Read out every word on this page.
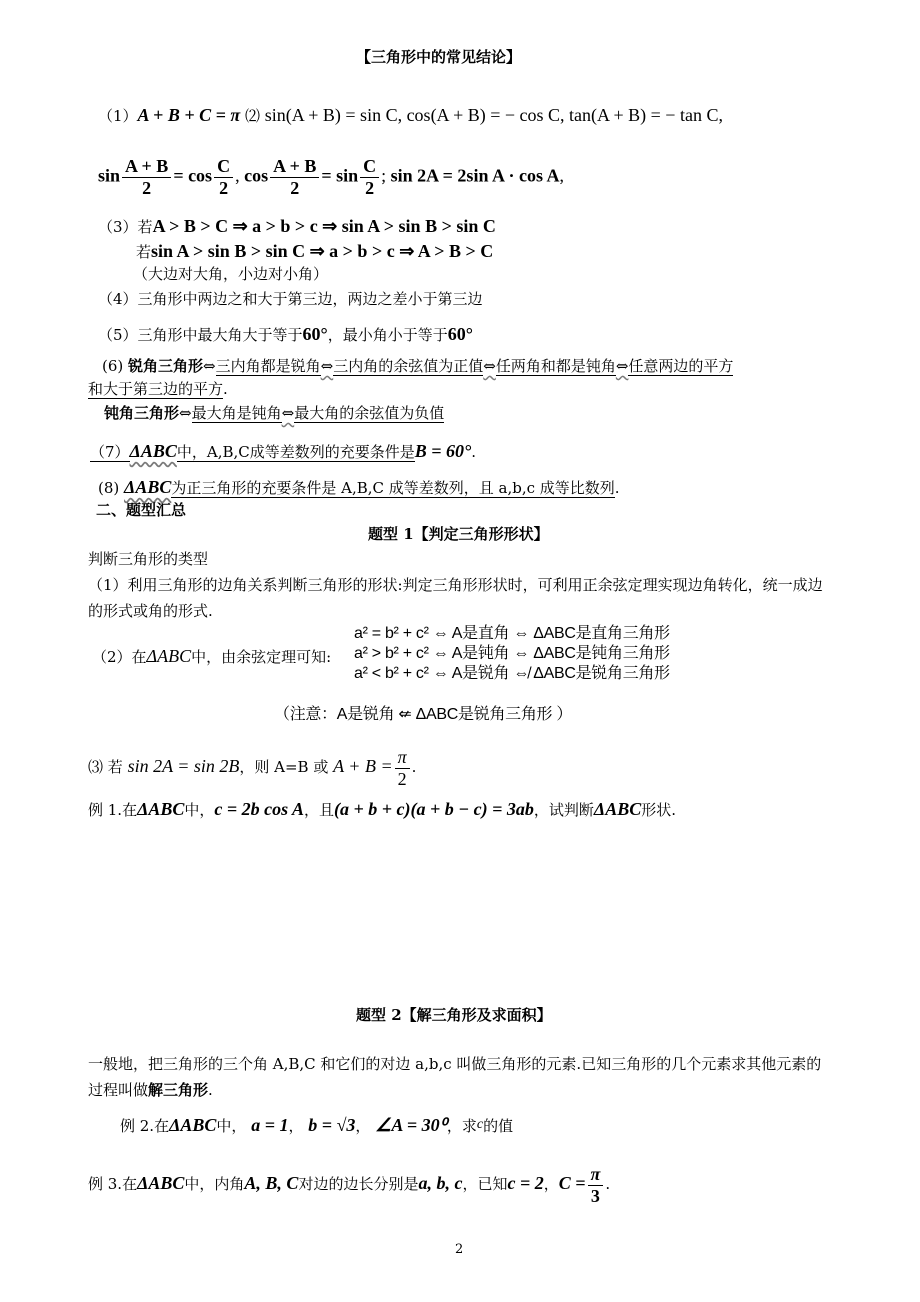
【三角形中的常见结论】
（1）A + B + C = π ⑵ sin(A + B) = sin C, cos(A + B) = − cos C, tan(A + B) = − tan C,
$\sin \frac{A + B}{2} = \cos \frac{C}{2}$ , $\cos \frac{A + B}{2} = \sin \frac{C}{2}$ ; sin 2A = 2sin A · cos A,
（3）若A > B > C ⇒ a > b > c ⇒ sin A > sin B > sin C
若sin A > sin B > sin C ⇒ a > b > c ⇒ A > B > C
（大边对大角，小边对小角）
（4）三角形中两边之和大于第三边，两边之差小于第三边
（5）三角形中最大角大于等于60°，最小角小于等于60°
(6) 锐角三角形⇔三内角都是锐角⇔三内角的余弦值为正值⇔任两角和都是钝角⇔任意两边的平方
和大于第三边的平方.
钝角三角形⇔最大角是钝角⇔最大角的余弦值为负值
（7）ΔABC中，A,B,C成等差数列的充要条件是B = 60°.
(8) ΔABC为正三角形的充要条件是 A,B,C 成等差数列，且 a,b,c 成等比数列.
二、题型汇总
题型 1【判定三角形形状】
判断三角形的类型
（1）利用三角形的边角关系判断三角形的形状:判定三角形形状时，可利用正余弦定理实现边角转化，统一成边的形式或角的形式.
（2）在ΔABC中，由余弦定理可知:
a² = b² + c² ⇔ A是直角 ⇔ ΔABC是直角三角形
a² > b² + c² ⇔ A是钝角 ⇔ ΔABC是钝角三角形
a² < b² + c² ⇔ A是锐角 ⇎ ΔABC是锐角三角形
（注意：A是锐角 ⇍ ΔABC是锐角三角形 ）
⑶ 若 sin 2A = sin 2B，则 A=B 或 $A + B = \frac{\pi}{2}$ .
例 1.在ΔABC中，c = 2b cos A，且(a + b + c)(a + b − c) = 3ab，试判断ΔABC形状.
题型 2【解三角形及求面积】
一般地，把三角形的三个角 A,B,C 和它们的对边 a,b,c 叫做三角形的元素.已知三角形的几个元素求其他元素的过程叫做解三角形.
例 2.在ΔABC中， a = 1， b = √3， ∠A = 30⁰，求c的值
例 3.在ΔABC中，内角A, B, C对边的边长分别是a, b, c，已知c = 2，$C = \frac{\pi}{3}$ .
2
